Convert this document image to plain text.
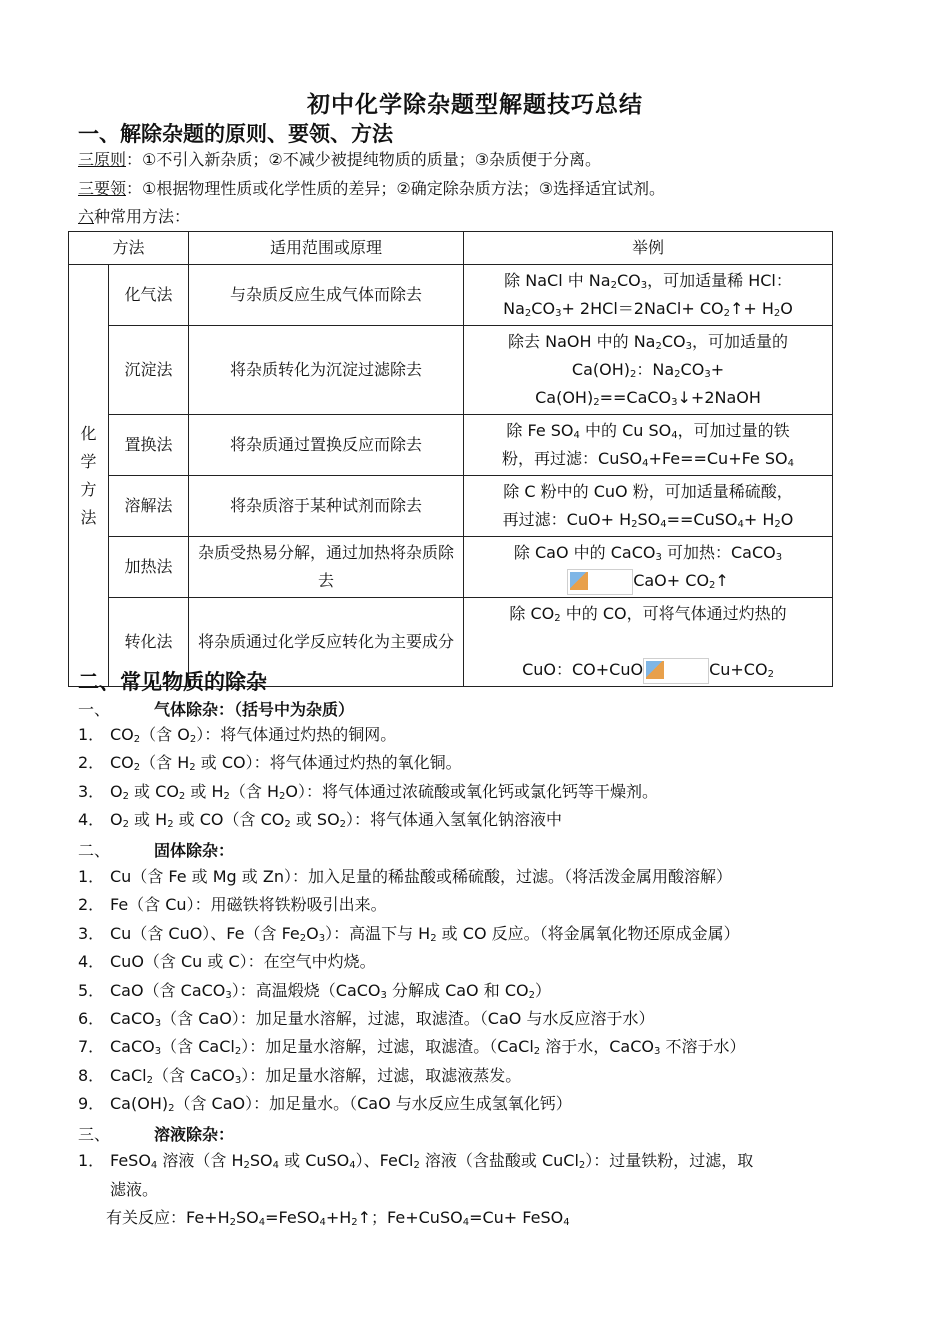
初中化学除杂题型解题技巧总结
一、解除杂题的原则、要领、方法
三原则：①不引入新杂质；②不减少被提纯物质的质量；③杂质便于分离。
三要领：①根据物理性质或化学性质的差异；②确定除杂质方法；③选择适宜试剂。
六种常用方法：
方法		适用范围或原理	举例
化
学
方
法	化气法	与杂质反应生成气体而除去	除 NaCl 中 $Na_2CO_3$，可加适量稀 HCl：
$Na_2CO_3+$ 2HCl＝2NaCl+ $CO_2↑+ H_2O$
	沉淀法	将杂质转化为沉淀过滤除去	除去 NaOH 中的 $Na_2CO_3$，可加适量的
$Ca(OH)_2$：$Na_2CO_3+$
$Ca(OH)_2==CaCO_3↓+2NaOH$
	置换法	将杂质通过置换反应而除去	除 Fe $SO_4$ 中的 Cu $SO_4$，可加过量的铁
粉，再过滤：CuSO$_4$+Fe==Cu+Fe $SO_4$
	溶解法	将杂质溶于某种试剂而除去	除 C 粉中的 CuO 粉，可加适量稀硫酸，
再过滤：$CuO+ H_2SO_4==CuSO_4+ H_2O$
	加热法	杂质受热易分解，通过加热将杂质除去	除 CaO 中的 CaCO$_3$ 可加热：CaCO$_3$
$CaO+ CO_2↑$
	转化法	将杂质通过化学反应转化为主要成分	除 $CO_2$ 中的 CO，可将气体通过灼热的

CuO：CO+CuO $Cu+CO_2$
二、常见物质的除杂
一、	气体除杂：（括号中为杂质）
1． $CO_2$（含 $O_2$）：将气体通过灼热的铜网。
2． $CO_2$（含 $H_2$ 或 CO）：将气体通过灼热的氧化铜。
3． $O_2$ 或 $CO_2$ 或 $H_2$（含 $H_2O$）：将气体通过浓硫酸或氧化钙或氯化钙等干燥剂。
4． $O_2$ 或 $H_2$ 或 CO（含 $CO_2$ 或 $SO_2$）：将气体通入氢氧化钠溶液中
二、	固体除杂：
1． Cu（含 Fe 或 Mg 或 Zn）：加入足量的稀盐酸或稀硫酸，过滤。（将活泼金属用酸溶解）
2． Fe（含 Cu）：用磁铁将铁粉吸引出来。
3． Cu（含 CuO）、Fe（含 $Fe_2O_3$）：高温下与 $H_2$ 或 CO 反应。（将金属氧化物还原成金属）
4． CuO（含 Cu 或 C）：在空气中灼烧。
5． CaO（含 CaCO$_3$）：高温煅烧（CaCO$_3$ 分解成 CaO 和 $CO_2$）
6． CaCO$_3$（含 CaO）：加足量水溶解，过滤，取滤渣。（CaO 与水反应溶于水）
7． CaCO$_3$（含 CaCl$_2$）：加足量水溶解，过滤，取滤渣。（CaCl$_2$ 溶于水，CaCO$_3$ 不溶于水）
8． CaCl$_2$（含 CaCO$_3$）：加足量水溶解，过滤，取滤液蒸发。
9． $Ca(OH)_2$（含 CaO）：加足量水。（CaO 与水反应生成氢氧化钙）
三、	溶液除杂：
1． FeSO$_4$ 溶液（含 $H_2SO_4$ 或 CuSO$_4$）、FeCl$_2$ 溶液（含盐酸或 CuCl$_2$）：过量铁粉，过滤，取
滤液。
有关反应：$Fe+H_2SO_4=FeSO_4+H_2↑$；Fe+CuSO$_4$=Cu+ FeSO$_4$
